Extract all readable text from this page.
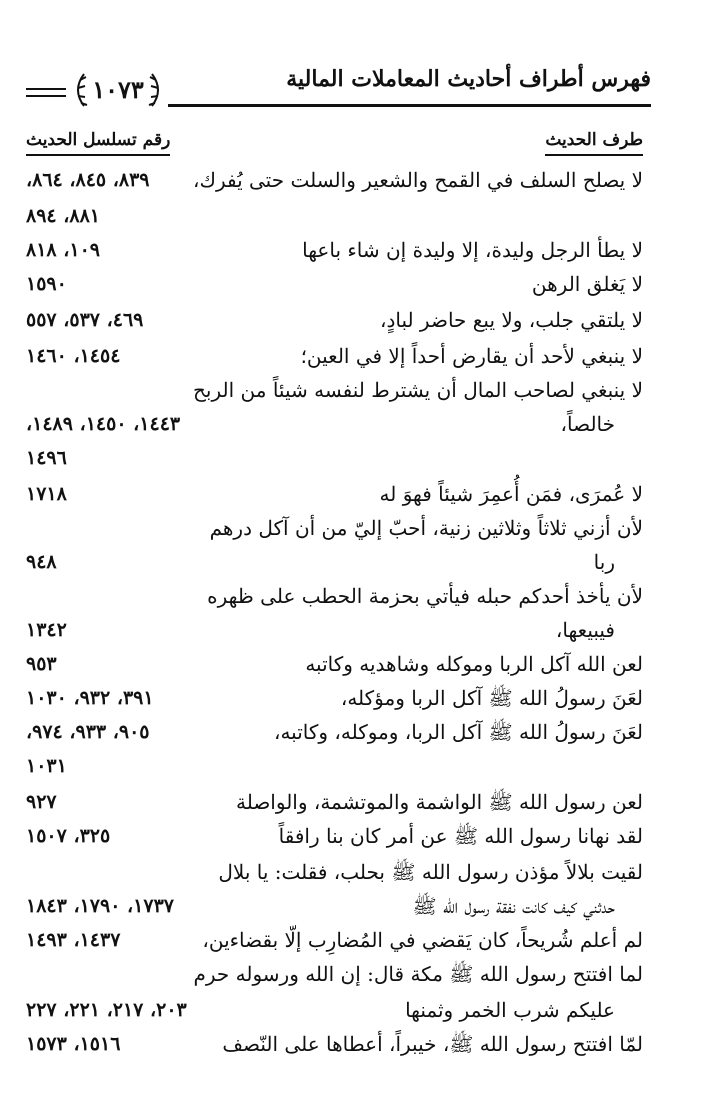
فهرس أطراف أحاديث المعاملات المالية
١٠٧٣
طرف الحديث
رقم تسلسل الحديث
لا يصلح السلف في القمح والشعير والسلت حتى يُفرك،
٨٣٩، ٨٤٥، ٨٦٤،
٨٨١، ٨٩٤
لا يطأ الرجل وليدة، إلا وليدة إن شاء باعها
١٠٩، ٨١٨
لا يَغلق الرهن
١٥٩٠
لا يلتقي جلب، ولا يبع حاضر لبادٍ،
٤٦٩، ٥٣٧، ٥٥٧
لا ينبغي لأحد أن يقارض أحداً إلا في العين؛
١٤٥٤، ١٤٦٠
لا ينبغي لصاحب المال أن يشترط لنفسه شيئاً من الربح
خالصاً،
١٤٤٣، ١٤٥٠، ١٤٨٩،
١٤٩٦
لا عُمرَى، فمَن أُعمِرَ شيئاً فهوَ له
١٧١٨
لأن أزني ثلاثاً وثلاثين زنية، أحبّ إليّ من أن آكل درهم
ربا
٩٤٨
لأن يأخذ أحدكم حبله فيأتي بحزمة الحطب على ظهره
فيبيعها،
١٣٤٢
لعن الله آكل الربا وموكله وشاهديه وكاتبه
٩٥٣
لعَنَ رسولُ الله ﷺ آكل الربا ومؤكله،
٣٩١، ٩٣٢، ١٠٣٠
لعَنَ رسولُ الله ﷺ آكل الربا، وموكله، وكاتبه،
٩٠٥، ٩٣٣، ٩٧٤،
١٠٣١
لعن رسول الله ﷺ الواشمة والموتشمة، والواصلة
٩٢٧
لقد نهانا رسول الله ﷺ عن أمر كان بنا رافقاً
٣٢٥، ١٥٠٧
لقيت بلالاً مؤذن رسول الله ﷺ بحلب، فقلت: يا بلال
حدثني كيف كانت نفقة رسول الله ﷺ
١٧٣٧، ١٧٩٠، ١٨٤٣
لم أعلم شُريحاً، كان يَقضي في المُضارِب إلّا بقضاءين،
١٤٣٧، ١٤٩٣
لما افتتح رسول الله ﷺ مكة قال: إن الله ورسوله حرم
عليكم شرب الخمر وثمنها
٢٠٣، ٢١٧، ٢٢١، ٢٢٧
لمّا افتتح رسول الله ﷺ، خيبراً، أعطاها على النّصف
١٥١٦، ١٥٧٣
